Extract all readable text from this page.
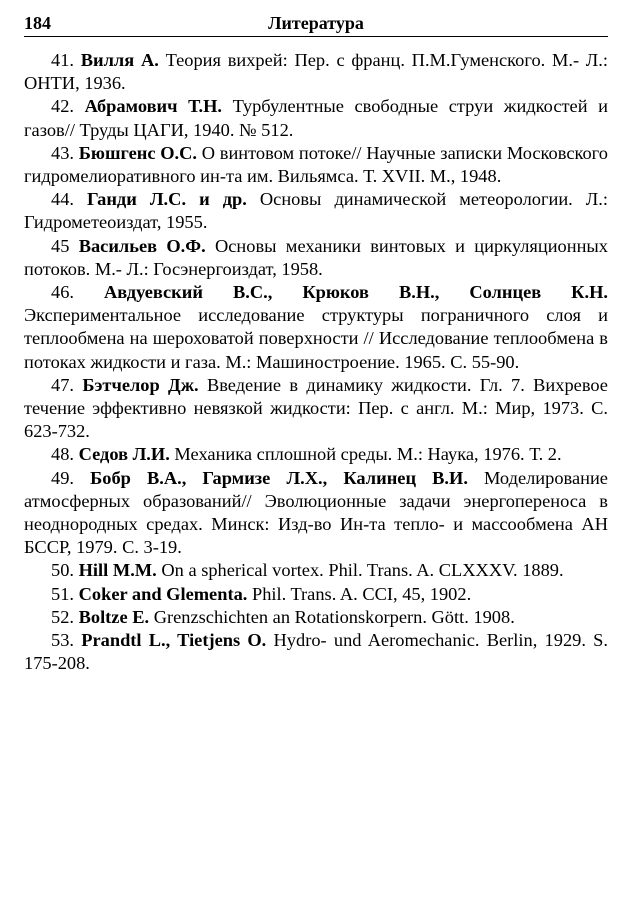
184	Литература

41. Вилля А. Теория вихрей: Пер. с франц. П.М.Гуменского. М.- Л.: ОНТИ, 1936.

42. Абрамович Т.Н. Турбулентные свободные струи жидкостей и газов// Труды ЦАГИ, 1940. № 512.

43. Бюшгенс О.С. О винтовом потоке// Научные записки Московского гидромелиоративного ин-та им. Вильямса. Т. XVII. М., 1948.

44. Ганди Л.С. и др. Основы динамической метеорологии. Л.: Гидрометеоиздат, 1955.

45 Васильев О.Ф. Основы механики винтовых и циркуляционных потоков. М.- Л.: Госэнергоиздат, 1958.

46. Авдуевский В.С., Крюков В.Н., Солнцев К.Н. Экспериментальное исследование структуры пограничного слоя и теплообмена на шероховатой поверхности // Исследование теплообмена в потоках жидкости и газа. М.: Машиностроение. 1965. С. 55-90.

47. Бэтчелор Дж. Введение в динамику жидкости. Гл. 7. Вихревое течение эффективно невязкой жидкости: Пер. с англ. М.: Мир, 1973. С. 623-732.

48. Седов Л.И. Механика сплошной среды. М.: Наука, 1976. Т. 2.

49. Бобр В.А., Гармизе Л.Х., Калинец В.И. Моделирование атмосферных образований// Эволюционные задачи энергопереноса в неоднородных средах. Минск: Изд-во Ин-та тепло- и массообмена АН БССР, 1979. С. 3-19.

50. Hill M.M. On a spherical vortex. Phil. Trans. A. CLXXXV. 1889.

51. Coker and Glementa. Phil. Trans. A. CCI, 45, 1902.

52. Boltze E. Grenzschichten an Rotationskorpern. Gött. 1908.

53. Prandtl L., Tietjens O. Hydro- und Aeromechanic. Berlin, 1929. S. 175-208.
